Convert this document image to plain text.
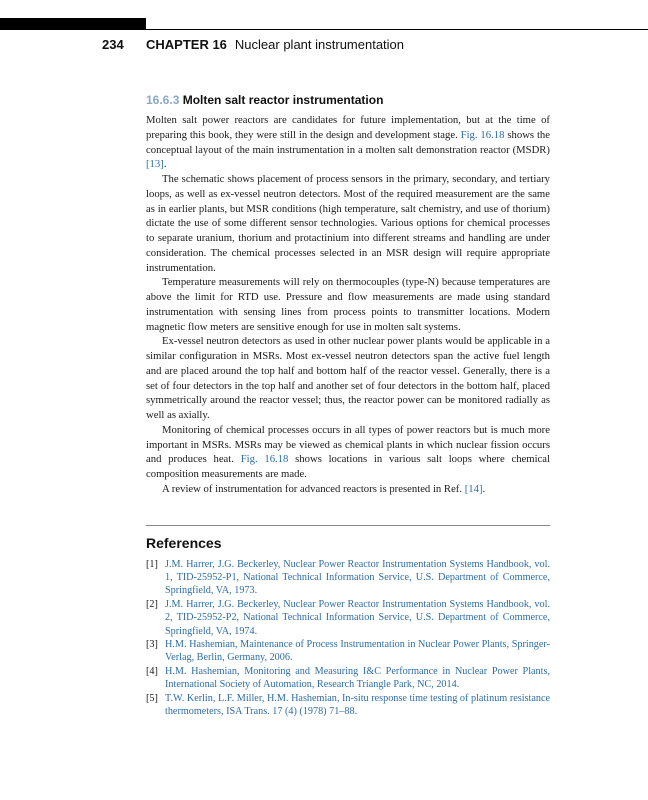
234 CHAPTER 16 Nuclear plant instrumentation
16.6.3 Molten salt reactor instrumentation

Molten salt power reactors are candidates for future implementation, but at the time of preparing this book, they were still in the design and development stage. Fig. 16.18 shows the conceptual layout of the main instrumentation in a molten salt demonstration reactor (MSDR) [13].

The schematic shows placement of process sensors in the primary, secondary, and tertiary loops, as well as ex-vessel neutron detectors. Most of the required measurement are the same as in earlier plants, but MSR conditions (high temperature, salt chemistry, and use of thorium) dictate the use of some different sensor technologies. Various options for chemical processes to separate uranium, thorium and protactinium into different streams and handling are under consideration. The chemical processes selected in an MSR design will require appropriate instrumentation.

Temperature measurements will rely on thermocouples (type-N) because temperatures are above the limit for RTD use. Pressure and flow measurements are made using standard instrumentation with sensing lines from process points to transmitter locations. Modern magnetic flow meters are sensitive enough for use in molten salt systems.

Ex-vessel neutron detectors as used in other nuclear power plants would be applicable in a similar configuration in MSRs. Most ex-vessel neutron detectors span the active fuel length and are placed around the top half and bottom half of the reactor vessel. Generally, there is a set of four detectors in the top half and another set of four detectors in the bottom half, placed symmetrically around the reactor vessel; thus, the reactor power can be monitored radially as well as axially.

Monitoring of chemical processes occurs in all types of power reactors but is much more important in MSRs. MSRs may be viewed as chemical plants in which nuclear fission occurs and produces heat. Fig. 16.18 shows locations in various salt loops where chemical composition measurements are made.

A review of instrumentation for advanced reactors is presented in Ref. [14].

References
[1] J.M. Harrer, J.G. Beckerley, Nuclear Power Reactor Instrumentation Systems Handbook, vol. 1, TID-25952-P1, National Technical Information Service, U.S. Department of Commerce, Springfield, VA, 1973.
[2] J.M. Harrer, J.G. Beckerley, Nuclear Power Reactor Instrumentation Systems Handbook, vol. 2, TID-25952-P2, National Technical Information Service, U.S. Department of Commerce, Springfield, VA, 1974.
[3] H.M. Hashemian, Maintenance of Process Instrumentation in Nuclear Power Plants, Springer-Verlag, Berlin, Germany, 2006.
[4] H.M. Hashemian, Monitoring and Measuring I&C Performance in Nuclear Power Plants, International Society of Automation, Research Triangle Park, NC, 2014.
[5] T.W. Kerlin, L.F. Miller, H.M. Hashemian, In-situ response time testing of platinum resistance thermometers, ISA Trans. 17 (4) (1978) 71–88.
